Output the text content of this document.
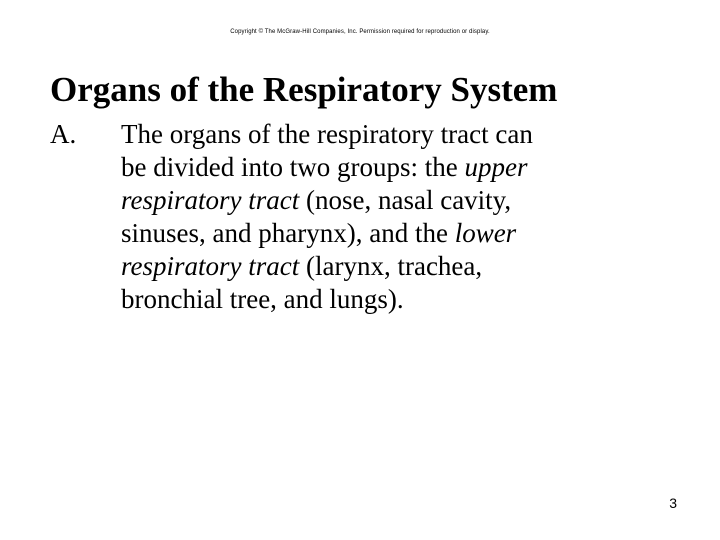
Copyright © The McGraw-Hill Companies, Inc. Permission required for reproduction or display.
Organs of the Respiratory System
A. The organs of the respiratory tract can
be divided into two groups: the upper
respiratory tract (nose, nasal cavity,
sinuses, and pharynx), and the lower
respiratory tract (larynx, trachea,
bronchial tree, and lungs).
3
